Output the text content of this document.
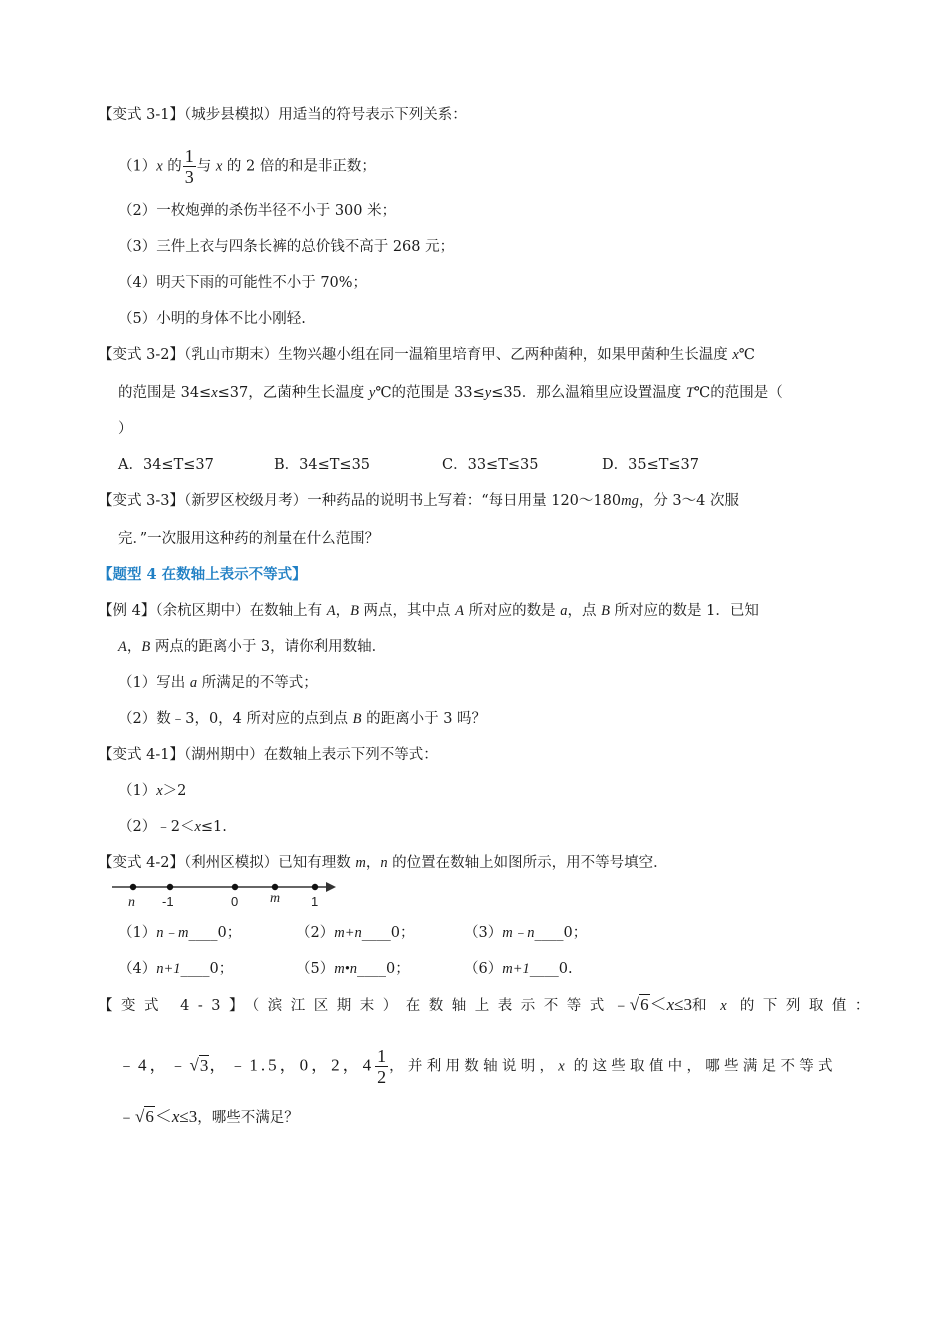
【变式 3-1】（城步县模拟）用适当的符号表示下列关系：
（1）x 的 $\frac{1}{3}$ 与 x 的 2 倍的和是非正数；
（2）一枚炮弹的杀伤半径不小于 300 米；
（3）三件上衣与四条长裤的总价钱不高于 268 元；
（4）明天下雨的可能性不小于 70%；
（5）小明的身体不比小刚轻.
【变式 3-2】（乳山市期末）生物兴趣小组在同一温箱里培育甲、乙两种菌种，如果甲菌种生长温度 x℃
的范围是 34≤x≤37，乙菌种生长温度 y℃的范围是 33≤y≤35．那么温箱里应设置温度 T℃的范围是（
）
A．34≤T≤37	B．34≤T≤35	C．33≤T≤35	D．35≤T≤37
【变式 3-3】（新罗区校级月考）一种药品的说明书上写着：“每日用量 120～180mg，分 3～4 次服
完．”一次服用这种药的剂量在什么范围？
【题型 4 在数轴上表示不等式】
【例 4】（余杭区期中）在数轴上有 A，B 两点，其中点 A 所对应的数是 a，点 B 所对应的数是 1．已知
A，B 两点的距离小于 3，请你利用数轴．
（1）写出 a 所满足的不等式；
（2）数﹣3，0，4 所对应的点到点 B 的距离小于 3 吗？
【变式 4-1】（湖州期中）在数轴上表示下列不等式：
（1）x＞2
（2）﹣2＜x≤1.
【变式 4-2】（利州区模拟）已知有理数 m，n 的位置在数轴上如图所示，用不等号填空．
n -1	0 m 1
（1）n﹣m____0；	（2）m+n____0；	（3）m﹣n____0；
（4）n+1____0；	（5）m•n____0；	（6）m+1____0.
【变式 4-3】（滨江区期末）在数轴上表示不等式﹣√6＜x≤3和 x 的下列取值：
﹣4，﹣√3，﹣1.5，0，2，$4 \frac{1}{2}$ ，并利用数轴说明，x 的这些取值中，哪些满足不等式
﹣√6＜x≤3，哪些不满足？
